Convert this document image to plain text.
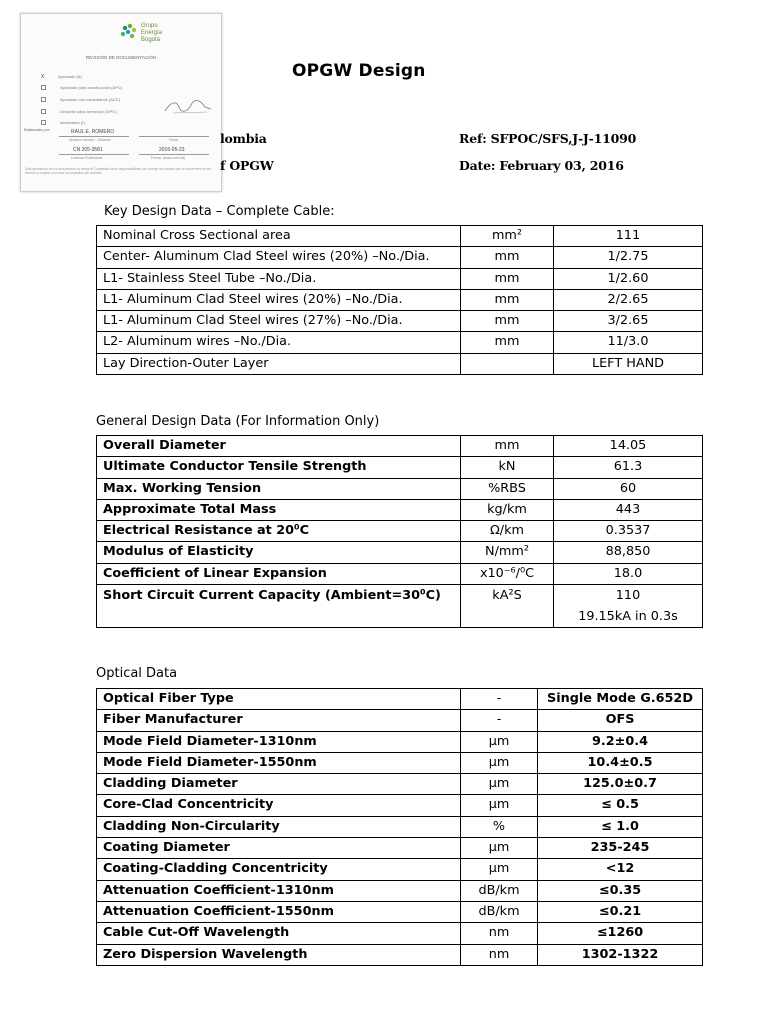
Grupo
Energía
Bogotá
REVISIÓN DE DOCUMENTACIÓN
X	Aprobado (A)
Aprobado para construcción (APC)
Aprobado con comentarios (ACC)
Devuelto para corrección (DPC)
Informativo (I)
Elaborado por:	RAUL E. ROMERO
Nombre revisión - Discreta	Firma
CN 205-3581	2016-05-23
Licencia Profesional	Fecha: (aaaa-mm-dd)
Esta aprobación de los documentos no exime al Contratista de su responsabilidad por corregir los errores que se encuentren en los mismos y cumplir con todos los requisitos del contrato.
OPGW Design
lombia
f OPGW
Ref: SFPOC/SFS,J-J-11090
Date: February 03, 2016
Key Design Data – Complete Cable:
Nominal Cross Sectional area	mm²	111
Center- Aluminum Clad Steel wires (20%) –No./Dia.	mm	1/2.75
L1- Stainless Steel Tube –No./Dia.	mm	1/2.60
L1- Aluminum Clad Steel wires (20%) –No./Dia.	mm	2/2.65
L1- Aluminum Clad Steel wires (27%) –No./Dia.	mm	3/2.65
L2- Aluminum wires –No./Dia.	mm	11/3.0
Lay Direction-Outer Layer		LEFT HAND
General Design Data (For Information Only)
Overall Diameter	mm	14.05
Ultimate Conductor Tensile Strength	kN	61.3
Max. Working Tension	%RBS	60
Approximate Total Mass	kg/km	443
Electrical Resistance at 20⁰C	Ω/km	0.3537
Modulus of Elasticity	N/mm²	88,850
Coefficient of Linear Expansion	x10⁻⁶/⁰C	18.0
Short Circuit Current Capacity (Ambient=30⁰C)	kA²S	110
19.15kA in 0.3s
Optical Data
Optical Fiber Type	-	Single Mode G.652D
Fiber Manufacturer	-	OFS
Mode Field Diameter-1310nm	μm	9.2±0.4
Mode Field Diameter-1550nm	μm	10.4±0.5
Cladding Diameter	μm	125.0±0.7
Core-Clad Concentricity	μm	≤ 0.5
Cladding Non-Circularity	%	≤ 1.0
Coating Diameter	μm	235-245
Coating-Cladding Concentricity	μm	<12
Attenuation Coefficient-1310nm	dB/km	≤0.35
Attenuation Coefficient-1550nm	dB/km	≤0.21
Cable Cut-Off Wavelength	nm	≤1260
Zero Dispersion Wavelength	nm	1302-1322
